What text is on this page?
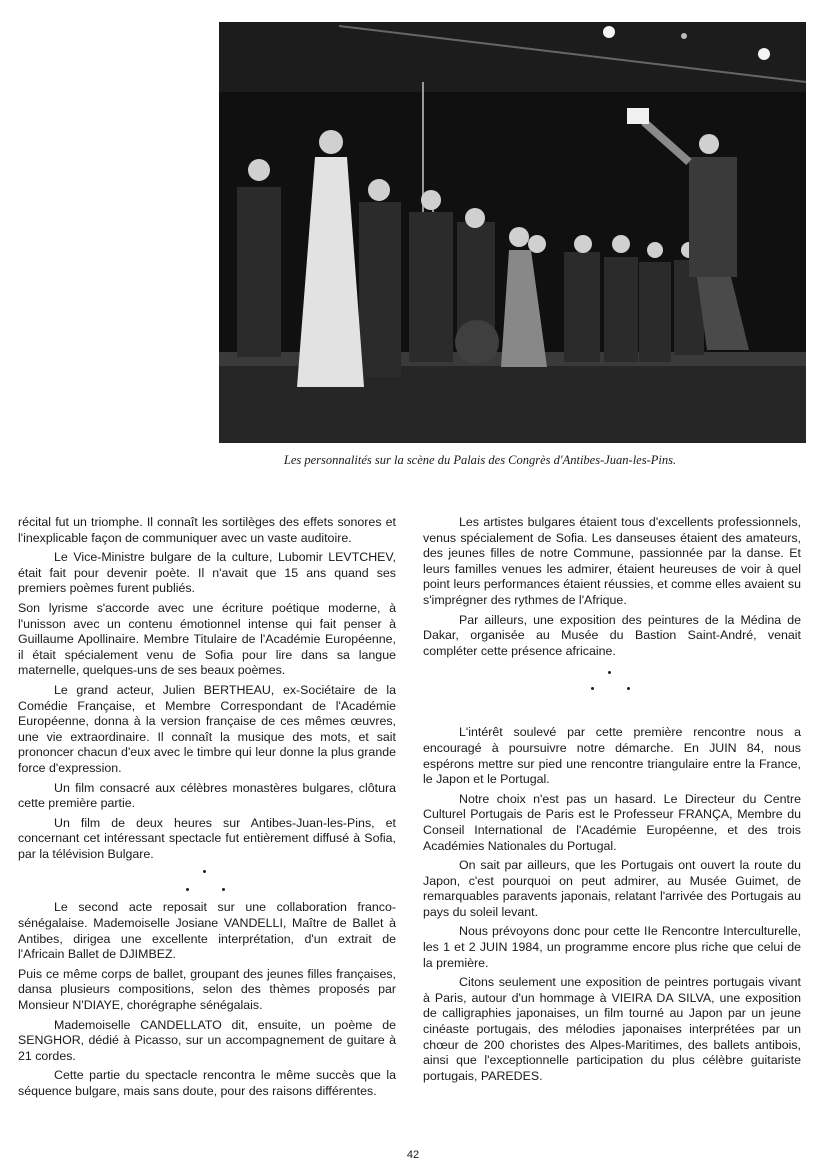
Les personnalités sur la scène du Palais des Congrès d'Antibes-Juan-les-Pins.

récital fut un triomphe. Il connaît les sortilèges des effets sonores et l'inexplicable façon de communiquer avec un vaste auditoire.

Le Vice-Ministre bulgare de la culture, Lubomir LEVTCHEV, était fait pour devenir poète. Il n'avait que 15 ans quand ses premiers poèmes furent publiés.

Son lyrisme s'accorde avec une écriture poétique moderne, à l'unisson avec un contenu émotionnel intense qui fait penser à Guillaume Apollinaire. Membre Titulaire de l'Académie Européenne, il était spécialement venu de Sofia pour lire dans sa langue maternelle, quelques-uns de ses beaux poèmes.

Le grand acteur, Julien BERTHEAU, ex-Sociétaire de la Comédie Française, et Membre Correspondant de l'Académie Européenne, donna à la version française de ces mêmes œuvres, une vie extraordinaire. Il connaît la musique des mots, et sait prononcer chacun d'eux avec le timbre qui leur donne la plus grande force d'expression.

Un film consacré aux célèbres monastères bulgares, clôtura cette première partie.

Un film de deux heures sur Antibes-Juan-les-Pins, et concernant cet intéressant spectacle fut entièrement diffusé à Sofia, par la télévision Bulgare.

Le second acte reposait sur une collaboration franco-sénégalaise. Mademoiselle Josiane VANDELLI, Maître de Ballet à Antibes, dirigea une excellente interprétation, d'un extrait de l'Africain Ballet de DJIMBEZ.

Puis ce même corps de ballet, groupant des jeunes filles françaises, dansa plusieurs compositions, selon des thèmes proposés par Monsieur N'DIAYE, chorégraphe sénégalais.

Mademoiselle CANDELLATO dit, ensuite, un poème de SENGHOR, dédié à Picasso, sur un accompagnement de guitare à 21 cordes.

Cette partie du spectacle rencontra le même succès que la séquence bulgare, mais sans doute, pour des raisons différentes.

Les artistes bulgares étaient tous d'excellents professionnels, venus spécialement de Sofia. Les danseuses étaient des amateurs, des jeunes filles de notre Commune, passionnée par la danse. Et leurs familles venues les admirer, étaient heureuses de voir à quel point leurs performances étaient réussies, et comme elles avaient su s'imprégner des rythmes de l'Afrique.

Par ailleurs, une exposition des peintures de la Médina de Dakar, organisée au Musée du Bastion Saint-André, venait compléter cette présence africaine.

L'intérêt soulevé par cette première rencontre nous a encouragé à poursuivre notre démarche. En JUIN 84, nous espérons mettre sur pied une rencontre triangulaire entre la France, le Japon et le Portugal.

Notre choix n'est pas un hasard. Le Directeur du Centre Culturel Portugais de Paris est le Professeur FRANÇA, Membre du Conseil International de l'Académie Européenne, et des trois Académies Nationales du Portugal.

On sait par ailleurs, que les Portugais ont ouvert la route du Japon, c'est pourquoi on peut admirer, au Musée Guimet, de remarquables paravents japonais, relatant l'arrivée des Portugais au pays du soleil levant.

Nous prévoyons donc pour cette IIe Rencontre Interculturelle, les 1 et 2 JUIN 1984, un programme encore plus riche que celui de la première.

Citons seulement une exposition de peintres portugais vivant à Paris, autour d'un hommage à VIEIRA DA SILVA, une exposition de calligraphies japonaises, un film tourné au Japon par un jeune cinéaste portugais, des mélodies japonaises interprétées par un chœur de 200 choristes des Alpes-Maritimes, des ballets antibois, ainsi que l'exceptionnelle participation du plus célèbre guitariste portugais, PAREDES.

42
